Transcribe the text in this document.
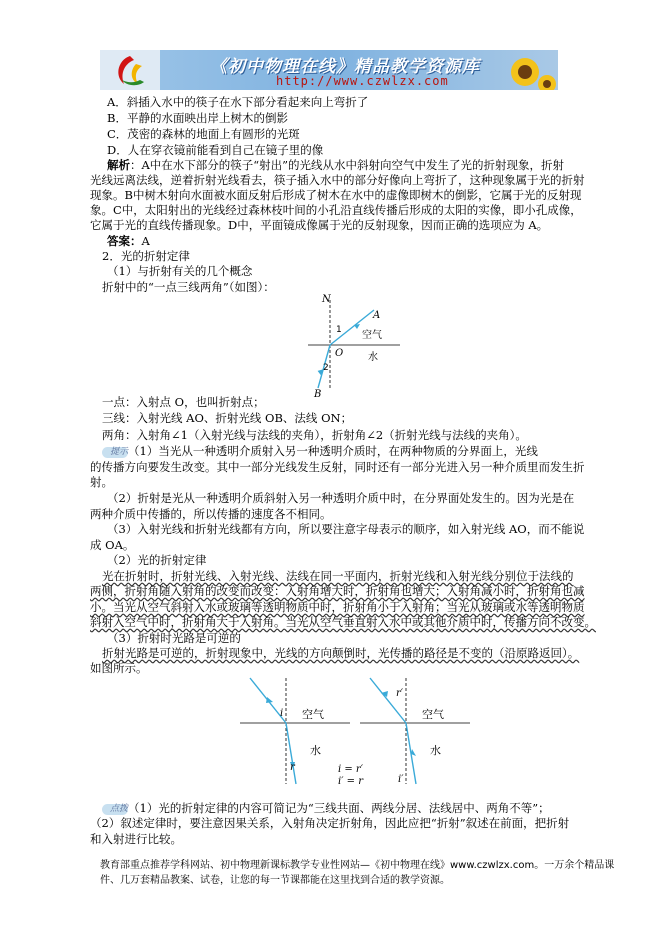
《初中物理在线》精品教学资源库
http://www.czwlzx.com
A．斜插入水中的筷子在水下部分看起来向上弯折了
B．平静的水面映出岸上树木的倒影
C．茂密的森林的地面上有圆形的光斑
D．人在穿衣镜前能看到自己在镜子里的像
解析：A中在水下部分的筷子“射出”的光线从水中斜射向空气中发生了光的折射现象，折射
光线远离法线，逆着折射光线看去，筷子插入水中的部分好像向上弯折了，这种现象属于光的折射
现象。B中树木射向水面被水面反射后形成了树木在水中的虚像即树木的倒影，它属于光的反射现
象。C中，太阳射出的光线经过森林枝叶间的小孔沿直线传播后形成的太阳的实像，即小孔成像，
它属于光的直线传播现象。D中，平面镜成像属于光的反射现象，因而正确的选项应为 A。
答案：A
2．光的折射定律
（1）与折射有关的几个概念
折射中的“一点三线两角”（如图）：
N
A
O
B
1
2
空气
水
一点：入射点 O，也叫折射点；
三线：入射光线 AO、折射光线 OB、法线 ON；
两角：入射角∠1（入射光线与法线的夹角），折射角∠2（折射光线与法线的夹角）。
提示 （1）当光从一种透明介质射入另一种透明介质时，在两种物质的分界面上，光线
的传播方向要发生改变。其中一部分光线发生反射，同时还有一部分光进入另一种介质里而发生折
射。
（2）折射是光从一种透明介质斜射入另一种透明介质中时，在分界面处发生的。因为光是在
两种介质中传播的，所以传播的速度各不相同。
（3）入射光线和折射光线都有方向，所以要注意字母表示的顺序，如入射光线 AO，而不能说
成 OA。
（2）光的折射定律
光在折射时，折射光线、入射光线、法线在同一平面内，折射光线和入射光线分别位于法线的
两侧，折射角随入射角的改变而改变：入射角增大时，折射角也增大；入射角减小时，折射角也减
小。当光从空气斜射入水或玻璃等透明物质中时，折射角小于入射角；当光从玻璃或水等透明物质
斜射入空气中时，折射角大于入射角。当光从空气垂直射入水中或其他介质中时，传播方向不改变。
（3）折射时光路是可逆的
折射光路是可逆的，折射现象中，光线的方向颠倒时，光传播的路径是不变的（沿原路返回）。
如图所示。
i
r
空气
水
r′
i′
空气
水
i = r′
i′ = r
点拨 （1）光的折射定律的内容可简记为“三线共面、两线分居、法线居中、两角不等”；
（2）叙述定律时，要注意因果关系，入射角决定折射角，因此应把“折射”叙述在前面，把折射
和入射进行比较。
教育部重点推荐学科网站、初中物理新课标教学专业性网站—《初中物理在线》www.czwlzx.com。一万余个精品课
件、几万套精品教案、试卷，让您的每一节课都能在这里找到合适的教学资源。
